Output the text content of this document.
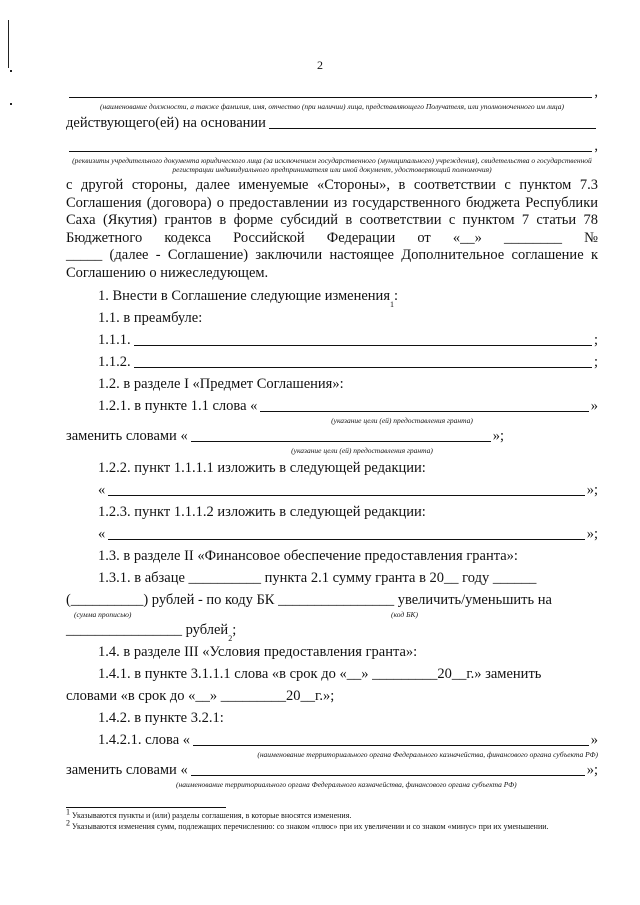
2
,
(наименование должности, а также фамилия, имя, отчество (при наличии) лица, представляющего Получателя, или уполномоченного им лица)
действующего(ей) на основании
,
(реквизиты учредительного документа юридического лица (за исключением государственного (муниципального) учреждения), свидетельства о государственной регистрации индивидуального предпринимателя или иной документ, удостоверяющий полномочия)
с другой стороны, далее именуемые «Стороны», в соответствии с пунктом 7.3 Соглашения (договора) о предоставлении из государственного бюджета Республики Саха (Якутия) грантов в форме субсидий в соответствии с пунктом 7 статьи 78 Бюджетного кодекса Российской Федерации от «__» ________ №
_____ (далее - Соглашение) заключили настоящее Дополнительное соглашение к Соглашению о нижеследующем.
1. Внести в Соглашение следующие изменения
1
:
1.1. в преамбуле:
1.1.1.	;
1.1.2.	;
1.2. в разделе I «Предмет Соглашения»:
1.2.1. в пункте 1.1 слова «	»
(указание цели (ей) предоставления гранта)
заменить словами «	»;
(указание цели (ей) предоставления гранта)
1.2.2. пункт 1.1.1.1 изложить в следующей редакции:
«	»;
1.2.3. пункт 1.1.1.2 изложить в следующей редакции:
«	»;
1.3. в разделе II «Финансовое обеспечение предоставления гранта»:
1.3.1. в абзаце __________ пункта 2.1 сумму гранта в 20__ году ______
(__________) рублей - по коду БК ________________ увеличить/уменьшить на
(сумма прописью)	(код БК)
________________ рублей
2
;
1.4. в разделе III «Условия предоставления гранта»:
1.4.1. в пункте 3.1.1.1 слова «в срок до «__» _________20__г.» заменить
словами «в срок до «__» _________20__г.»;
1.4.2. в пункте 3.2.1:
1.4.2.1. слова «	»
(наименование территориального органа Федерального казначейства, финансового органа субъекта РФ)
заменить словами «	»;
(наименование территориального органа Федерального казначейства, финансового органа субъекта РФ)
$^1$ Указываются пункты и (или) разделы соглашения, в которые вносятся изменения.
$^2$ Указываются изменения сумм, подлежащих перечислению: со знаком «плюс» при их увеличении и со знаком «минус» при их уменьшении.
